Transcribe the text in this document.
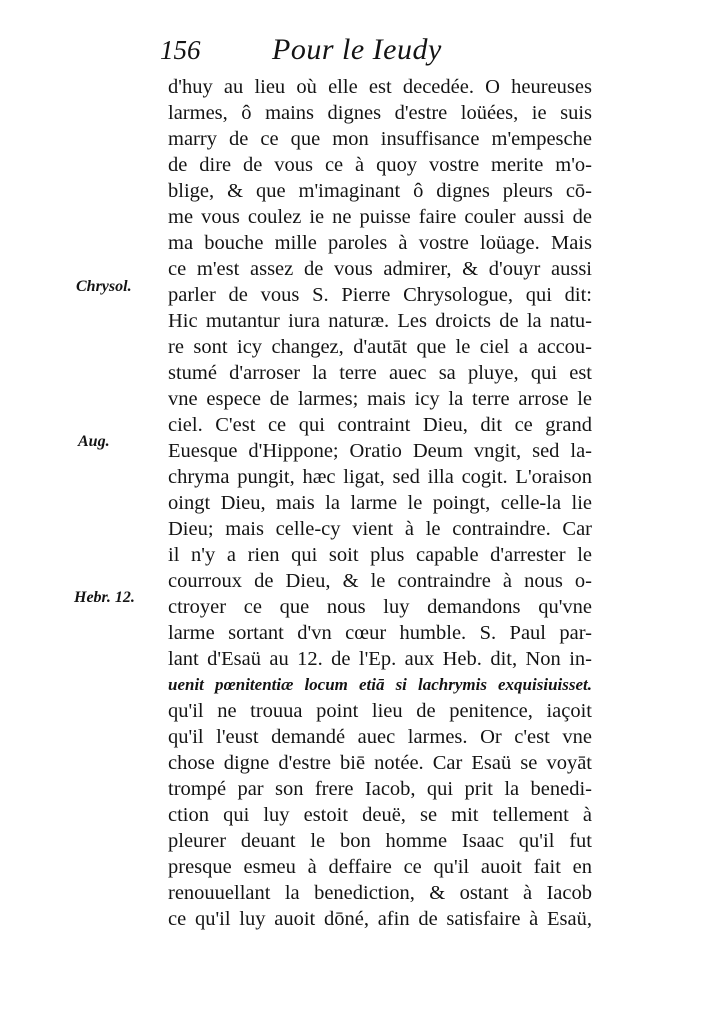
156 Pour le Ieudy
Chrysol.
Aug.
Hebr. 12.
d'huy au lieu où elle est decedée. O heureuses
larmes, ô mains dignes d'estre loüées, ie suis
marry de ce que mon insuffisance m'empesche
de dire de vous ce à quoy vostre merite m'o-
blige, & que m'imaginant ô dignes pleurs cō-
me vous coulez ie ne puisse faire couler aussi de
ma bouche mille paroles à vostre loüage. Mais
ce m'est assez de vous admirer, & d'ouyr aussi
parler de vous S. Pierre Chrysologue, qui dit:
Hic mutantur iura naturæ. Les droicts de la natu-
re sont icy changez, d'autāt que le ciel a accou-
stumé d'arroser la terre auec sa pluye, qui est
vne espece de larmes; mais icy la terre arrose le
ciel. C'est ce qui contraint Dieu, dit ce grand
Euesque d'Hippone; Oratio Deum vngit, sed la-
chryma pungit, hæc ligat, sed illa cogit. L'oraison
oingt Dieu, mais la larme le poingt, celle-la lie
Dieu; mais celle-cy vient à le contraindre. Car
il n'y a rien qui soit plus capable d'arrester le
courroux de Dieu, & le contraindre à nous o-
ctroyer ce que nous luy demandons qu'vne
larme sortant d'vn cœur humble. S. Paul par-
lant d'Esaü au 12. de l'Ep. aux Heb. dit, Non in-
uenit pœnitentiæ locum etiā si lachrymis exquisiuisset.
qu'il ne trouua point lieu de penitence, iaçoit
qu'il l'eust demandé auec larmes. Or c'est vne
chose digne d'estre biē notée. Car Esaü se voyāt
trompé par son frere Iacob, qui prit la benedi-
ction qui luy estoit deuë, se mit tellement à
pleurer deuant le bon homme Isaac qu'il fut
presque esmeu à deffaire ce qu'il auoit fait en
renouuellant la benediction, & ostant à Iacob
ce qu'il luy auoit dōné, afin de satisfaire à Esaü,
